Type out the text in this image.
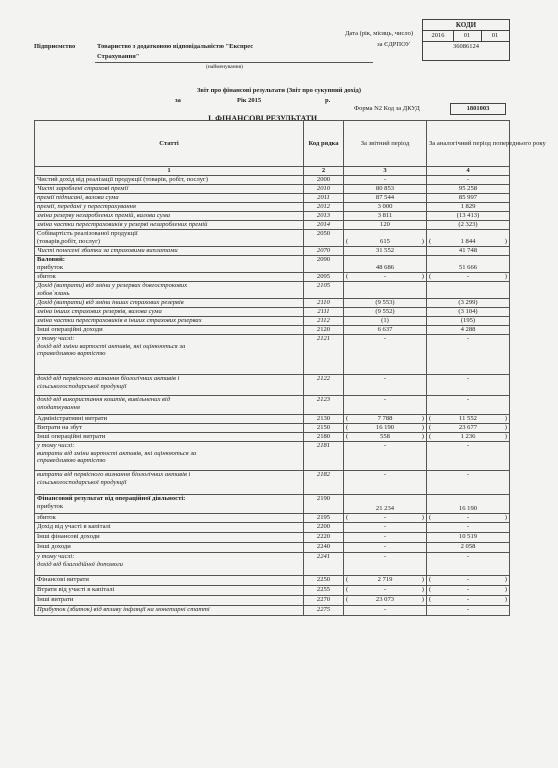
Підприємство	Товариство з додатковою відповідальністю "Експрес
Страхування"
(найменування)
Дата (рік, місяць, число)
за ЄДРПОУ
КОДИ
2016	01	01
36086124
Звіт про фінансові результати (Звіт про сукупний дохід)
за	Рік 2015	р.
Форма N2 Код за ДКУД	1801003
І. ФІНАНСОВІ РЕЗУЛЬТАТИ
Статті	Код рядка	За звітний період	За аналогічний період попереднього року
1	2	3	4

Чистий дохід від реалізації продукції (товарів, робіт, послуг)	2000	-	-

Чисті зароблені страхові премії	2010	80 853	95 258

премії підписані, валова сума	2011	87 544	85 997

премії, передані у перестрахування	2012	3 000	1 829

зміна резерву незароблених премій, валова сума	2013	3 811	(13 413)

зміна частки перестраховиків у резерві незароблених премій	2014	120	(2 323)

Собівартість реалізованої продукції
(товарів,робіт, послуг)	2050	( 615 )	( 1 844 )

Чисті понесені збитки за страховими виплатами	2070	31 552	41 748

Валовий:
прибуток	2090	48 686	51 666

збиток	2095	( - )	( - )

Дохід (витрати) від зміни у резервах довгострокових
зобов`язань	2105		

Дохід (витрати) від зміни інших страхових резервів	2110	(9 553)	(3 299)

зміна інших страхових резервів, валова сума	2111	(9 552)	(3 104)

зміна частки перестраховиків в інших страхових резервах	2112	(1)	(195)

Інші операційні доходи	2120	6 637	4 288

у тому числі:
дохід від зміни вартості активів, які оцінюються за
справедливою вартістю	2121	-	-

дохід від первісного визнання біологічних активів і
сільськогосподарської продукції	2122	-	-

дохід від використання коштів, вивільнених від
оподаткування	2123	-	-

Адміністративні витрати	2130	( 7 788 )	( 11 552 )

Витрати на збут	2150	( 16 190 )	( 23 677 )

Інші операційні витрати	2180	( 558 )	( 1 236 )

у тому числі:
витрати від зміни вартості активів, які оцінюються за
справедливою вартістю	2181	-	-

витрати від первісного визнання біологічних активів і
сільськогосподарської продукції	2182	-	-

Фінансовий результат від операційної діяльності:
прибуток	2190	21 234	16 190

збиток	2195	( - )	( - )

Дохід від участі в капіталі	2200	-	-

Інші фінансові доходи	2220	-	10 519

Інші доходи	2240	-	2 058

у тому числі:
дохід від благодійної допомоги	2241	-	-

Фінансові витрати	2250	( 2 719 )	( - )

Втрати від участі в капіталі	2255	( - )	( - )

Інші витрати	2270	( 23 073 )	( - )

Прибуток (збиток) від впливу інфляції на монетарні статті	2275	-	-
